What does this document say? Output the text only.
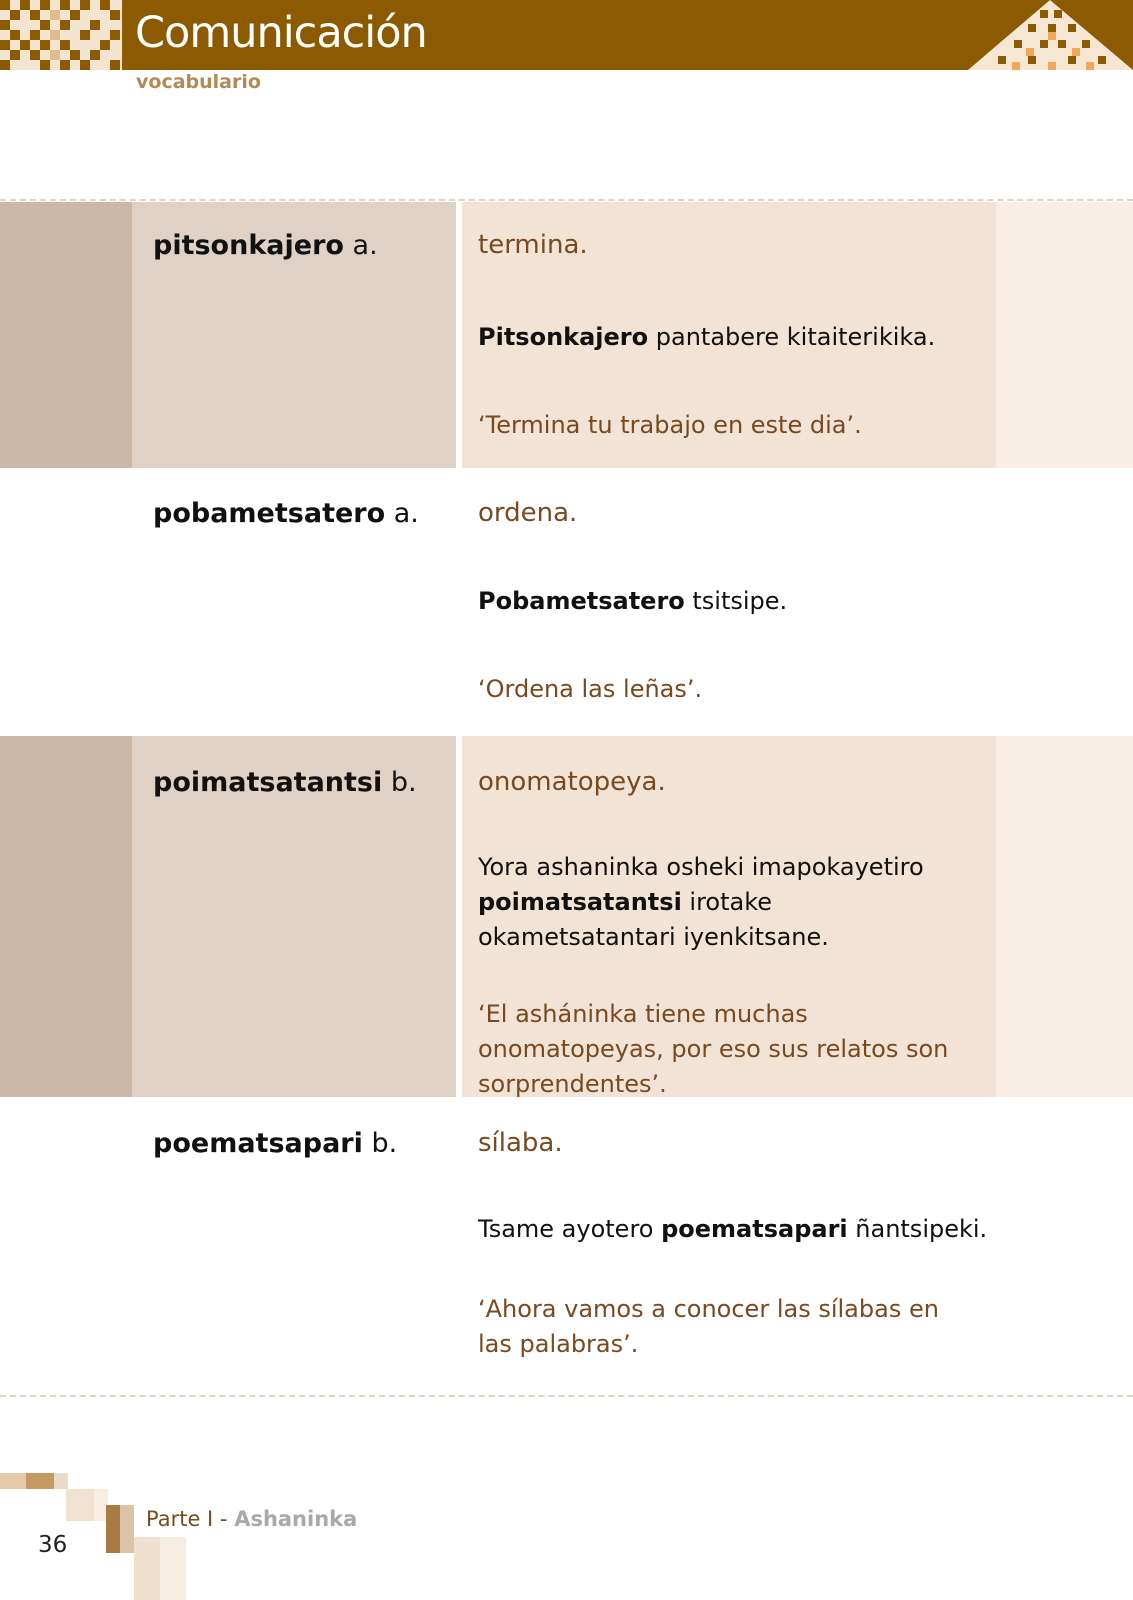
Comunicación
vocabulario
pitsonkajero a.	termina.
Pitsonkajero pantabere kitaiterikika.
‘Termina tu trabajo en este dia’.
pobametsatero a. ordena.
Pobametsatero tsitsipe.
‘Ordena las leñas’.
poimatsatantsi b. onomatopeya.
Yora ashaninka osheki imapokayetiro poimatsatantsi irotake okametsatantari iyenkitsane.
‘El asháninka tiene muchas onomatopeyas, por eso sus relatos son sorprendentes’.
poematsapari b.	sílaba.
Tsame ayotero poematsapari ñantsipeki.
‘Ahora vamos a conocer las sílabas en las palabras’.
36
Parte I - Ashaninka
